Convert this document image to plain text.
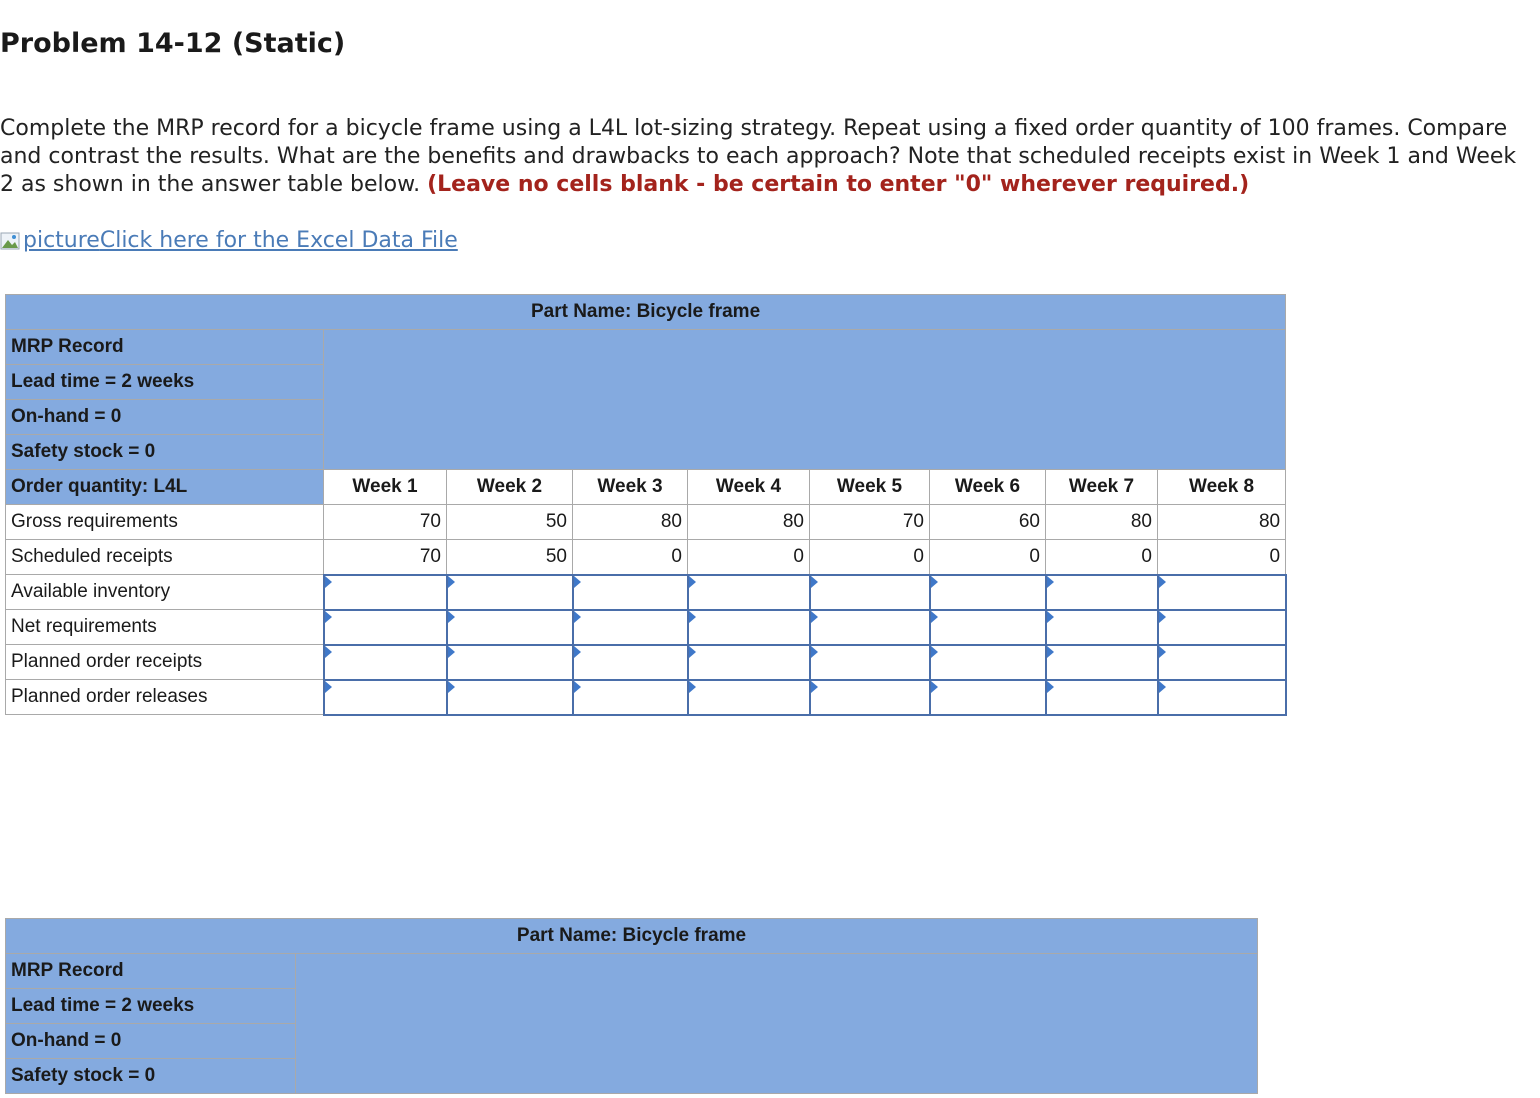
Problem 14-12 (Static)

Complete the MRP record for a bicycle frame using a L4L lot-sizing strategy. Repeat using a fixed order quantity of 100 frames. Compare and contrast the results. What are the benefits and drawbacks to each approach? Note that scheduled receipts exist in Week 1 and Week 2 as shown in the answer table below. (Leave no cells blank - be certain to enter "0" wherever required.)

picture Click here for the Excel Data File
Part Name: Bicycle frame								
MRP Record								
Lead time = 2 weeks								
On-hand = 0								
Safety stock = 0								
Order quantity: L4L	Week 1	Week 2	Week 3	Week 4	Week 5	Week 6	Week 7	Week 8
Gross requirements	70	50	80	80	70	60	80	80
Scheduled receipts	70	50	0	0	0	0	0	0
Available inventory	

Net requirements	

Planned order receipts	

Planned order releases	

Part Name: Bicycle frame
MRP Record	
Lead time = 2 weeks
On-hand = 0
Safety stock = 0
